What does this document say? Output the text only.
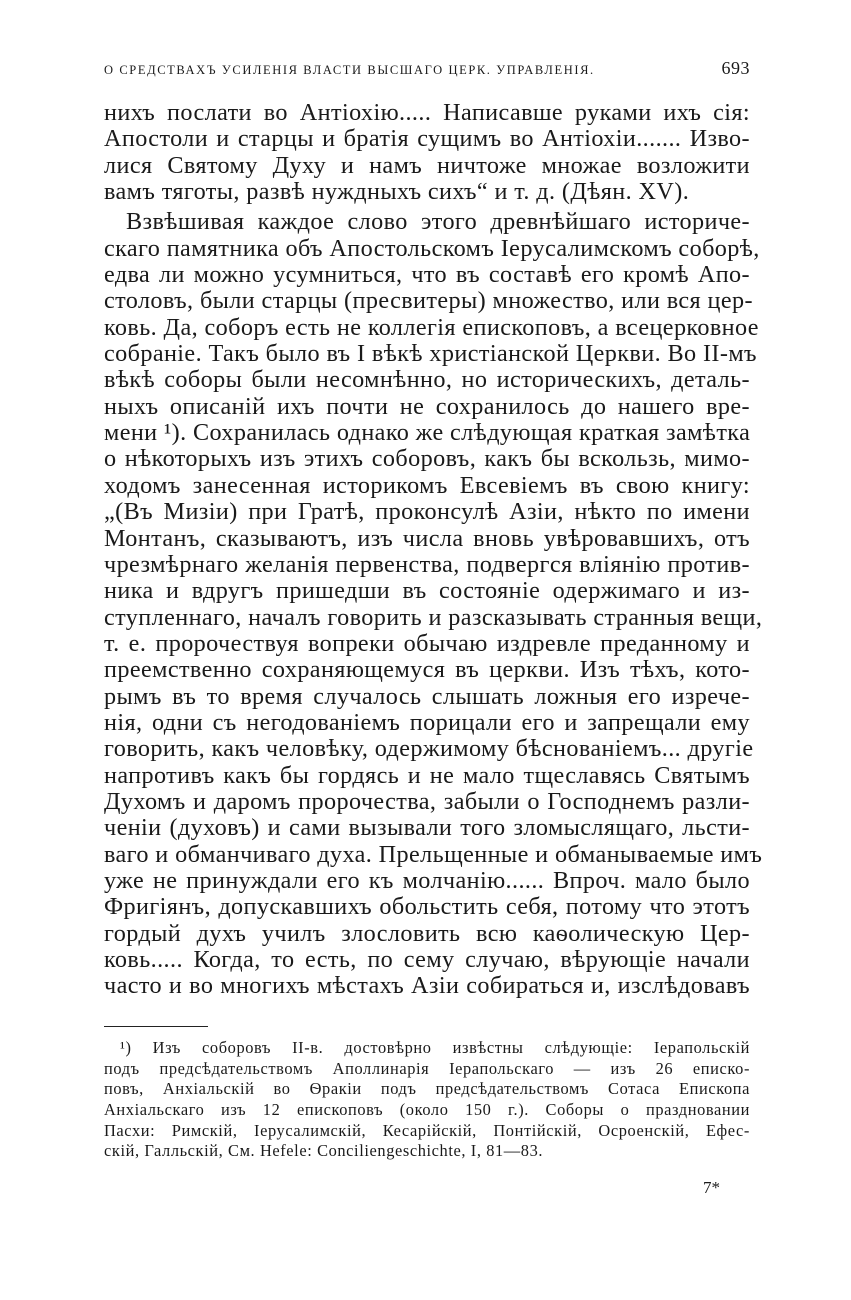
О СРЕДСТВАХЪ УСИЛЕНІЯ ВЛАСТИ ВЫСШАГО ЦЕРК. УПРАВЛЕНІЯ.	693
нихъ послати во Антіохію..... Написавше руками ихъ сія:
Апостоли и старцы и братія сущимъ во Антіохіи....... Изво-
лися Святому Духу и намъ ничтоже множае возложити
вамъ тяготы, развѣ нуждныхъ сихъ“ и т. д. (Дѣян. XV).
Взвѣшивая каждое слово этого древнѣйшаго историче-
скаго памятника объ Апостольскомъ Іерусалимскомъ соборѣ,
едва ли можно усумниться, что въ составѣ его кромѣ Апо-
столовъ, были старцы (пресвитеры) множество, или вся цер-
ковь. Да, соборъ есть не коллегія епископовъ, а всецерковное
собраніе. Такъ было въ I вѣкѣ христіанской Церкви. Во II-мъ
вѣкѣ соборы были несомнѣнно, но историческихъ, деталь-
ныхъ описаній ихъ почти не сохранилось до нашего вре-
мени ¹). Сохранилась однако же слѣдующая краткая замѣтка
о нѣкоторыхъ изъ этихъ соборовъ, какъ бы вскользь, мимо-
ходомъ занесенная историкомъ Евсевіемъ въ свою книгу:
„(Въ Мизіи) при Гратѣ, проконсулѣ Азіи, нѣкто по имени
Монтанъ, сказываютъ, изъ числа вновь увѣровавшихъ, отъ
чрезмѣрнаго желанія первенства, подвергся вліянію против-
ника и вдругъ пришедши въ состояніе одержимаго и из-
ступленнаго, началъ говорить и разсказывать странныя вещи,
т. е. пророчествуя вопреки обычаю издревле преданному и
преемственно сохраняющемуся въ церкви. Изъ тѣхъ, кото-
рымъ въ то время случалось слышать ложныя его изрече-
нія, одни съ негодованіемъ порицали его и запрещали ему
говорить, какъ человѣку, одержимому бѣснованіемъ... другіе
напротивъ какъ бы гордясь и не мало тщеславясь Святымъ
Духомъ и даромъ пророчества, забыли о Господнемъ разли-
ченіи (духовъ) и сами вызывали того зломыслящаго, льсти-
ваго и обманчиваго духа. Прельщенные и обманываемые имъ
уже не принуждали его къ молчанію...... Впроч. мало было
Фригіянъ, допускавшихъ обольстить себя, потому что этотъ
гордый духъ училъ злословить всю каѳолическую Цер-
ковь..... Когда, то есть, по сему случаю, вѣрующіе начали
часто и во многихъ мѣстахъ Азіи собираться и, изслѣдовавъ
¹) Изъ соборовъ II-в. достовѣрно извѣстны слѣдующіе: Іерапольскій
подъ предсѣдательствомъ Аполлинарія Іерапольскаго — изъ 26 еписко-
повъ, Анхіальскій во Ѳракіи подъ предсѣдательствомъ Сотаса Епископа
Анхіальскаго изъ 12 епископовъ (около 150 г.). Соборы о праздновании
Пасхи: Римскій, Іерусалимскій, Кесарійскій, Понтійскій, Осроенскій, Ефес-
скій, Галльскій, См. Hefele: Conciliengeschichte, I, 81—83.
7*
